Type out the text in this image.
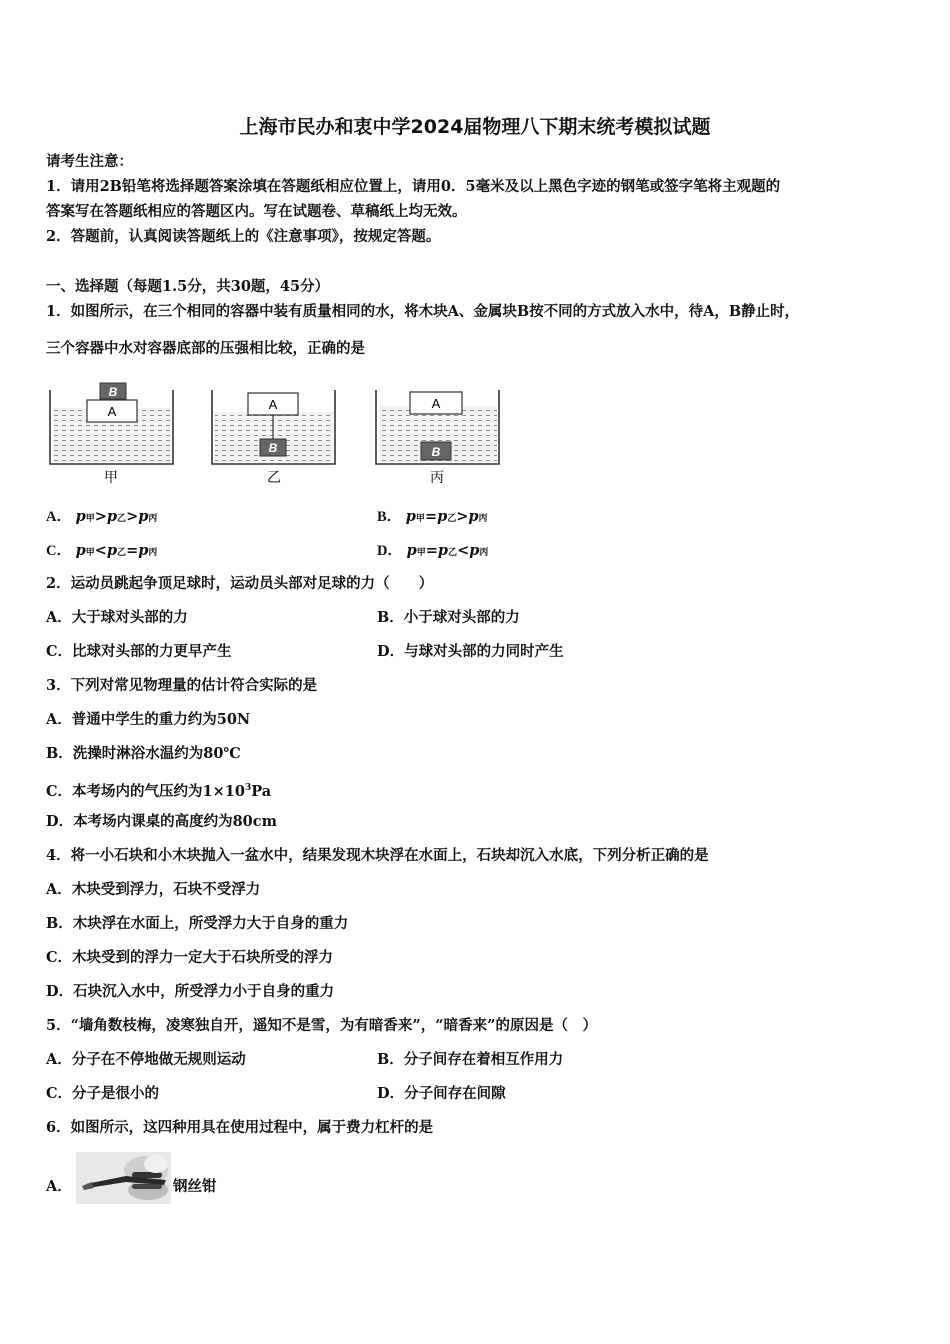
上海市民办和衷中学2024届物理八下期末统考模拟试题
请考生注意：
1．请用2B铅笔将选择题答案涂填在答题纸相应位置上，请用0．5毫米及以上黑色字迹的钢笔或签字笔将主观题的
答案写在答题纸相应的答题区内。写在试题卷、草稿纸上均无效。
2．答题前，认真阅读答题纸上的《注意事项》，按规定答题。
一、选择题（每题1.5分，共30题，45分）
1．如图所示，在三个相同的容器中装有质量相同的水，将木块A、金属块B按不同的方式放入水中，待A，B静止时，
三个容器中水对容器底部的压强相比较，正确的是
A
B
A
B
A
B
甲	乙	丙
A． p甲>p乙>p丙	B． p甲=p乙>p丙
C． p甲<p乙=p丙	D． p甲=p乙<p丙
2．运动员跳起争顶足球时，运动员头部对足球的力（　　）
A．大于球对头部的力	B．小于球对头部的力
C．比球对头部的力更早产生	D．与球对头部的力同时产生
3．下列对常见物理量的估计符合实际的是
A．普通中学生的重力约为50N
B．洗操时淋浴水温约为80℃
C．本考场内的气压约为$1\times 10^3Pa$
D．本考场内课桌的高度约为80cm
4．将一小石块和小木块抛入一盆水中，结果发现木块浮在水面上，石块却沉入水底，下列分析正确的是
A．木块受到浮力，石块不受浮力
B．木块浮在水面上，所受浮力大于自身的重力
C．木块受到的浮力一定大于石块所受的浮力
D．石块沉入水中，所受浮力小于自身的重力
5．“墙角数枝梅，凌寒独自开，遥知不是雪，为有暗香来”，“暗香来”的原因是（　）
A．分子在不停地做无规则运动	B．分子间存在着相互作用力
C．分子是很小的	D．分子间存在间隙
6．如图所示，这四种用具在使用过程中，属于费力杠杆的是
A．	钢丝钳
